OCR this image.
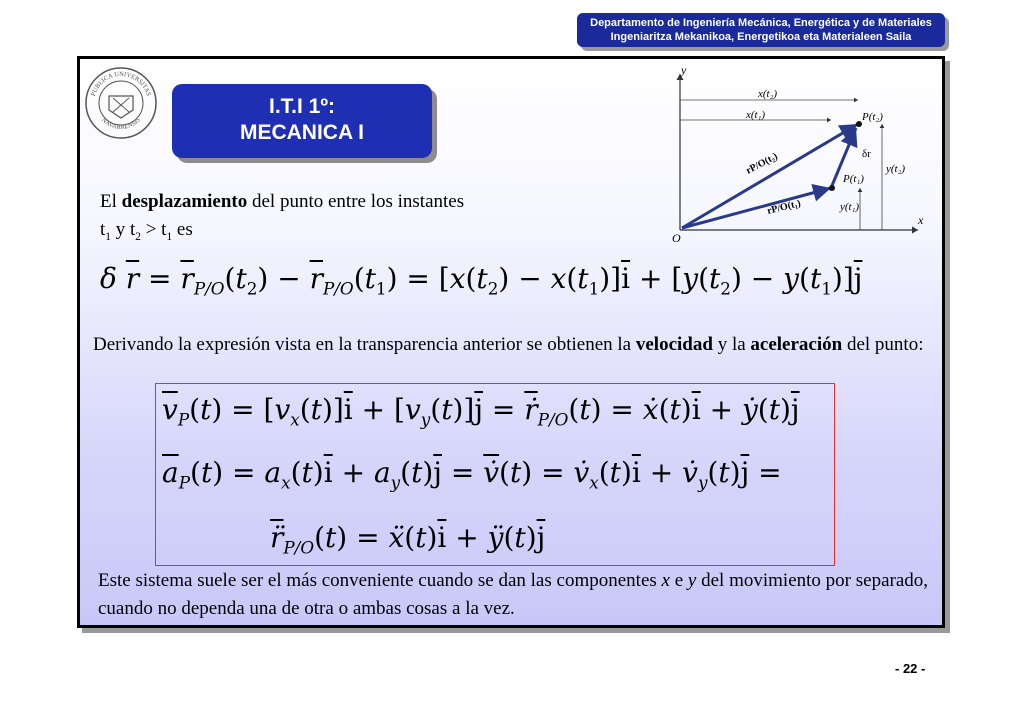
Departamento de Ingeniería Mecánica, Energética y de Materiales
Ingeniaritza Mekanikoa, Energetikoa eta Materialeen Saila
PUBLICA UNIVERSITAS
NAVARRENSIS
I.T.I 1º:
MECANICA I
El desplazamiento del punto entre los instantes
$t_1$ y $t_2 > t_1$ es
y
x
O
x(t₂)
x(t₁)
y(t₂)
y(t₁)
P(t₂)
P(t₁)
δr
rP/O(t₂)
rP/O(t₁)
δ $\overline{r} = \overline{r}_{P/O}(t_2) - \overline{r}_{P/O}(t_1) = [x(t_2) - x(t_1)]\overline{i} + [y(t_2) - y(t_1)]\overline{j}$
Derivando la expresión vista en la transparencia anterior se obtienen la velocidad y la aceleración del punto:
$\overline{v}_P(t) = [v_x(t)]\overline{i} + [v_y(t)]\overline{j} = \overline{ṙ}_{P/O}(t)$ = $ẋ(t)\overline{i}$ + $ẏ(t)\overline{j}$
$\overline{a}_P(t) = a_x(t)\overline{i} + a_y(t)\overline{j}$ = v̇(t) = $v̇_x(t)\overline{i}$ + $v̇_y(t)\overline{j}$ =
$r̈_{P/O}(t)$ = $ẍ(t)\overline{i}$ + $ÿ(t)\overline{j}$
Este sistema suele ser el más conveniente cuando se dan las componentes x e y del movimiento por separado, cuando no dependa una de otra o ambas cosas a la vez.
- 22 -
